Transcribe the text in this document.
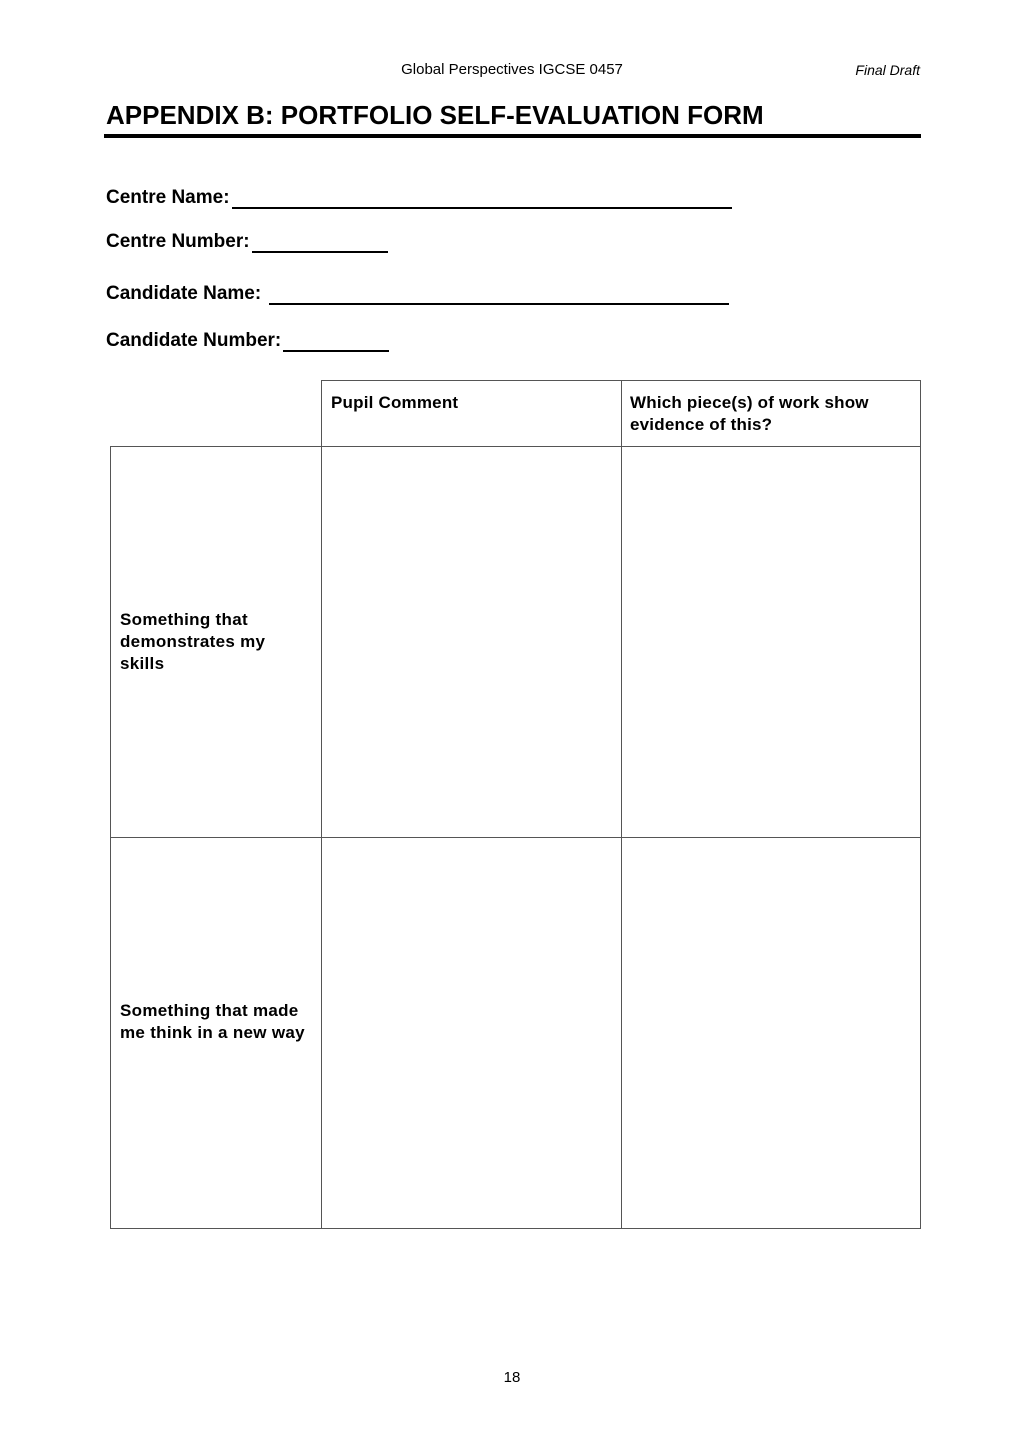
Global Perspectives IGCSE 0457	Final Draft
APPENDIX B: PORTFOLIO SELF-EVALUATION FORM
Centre Name:
Centre Number:
Candidate Name:
Candidate Number:
Pupil Comment	Which piece(s) of work show evidence of this?
Something that demonstrates my skills
Something that made me think in a new way
18
